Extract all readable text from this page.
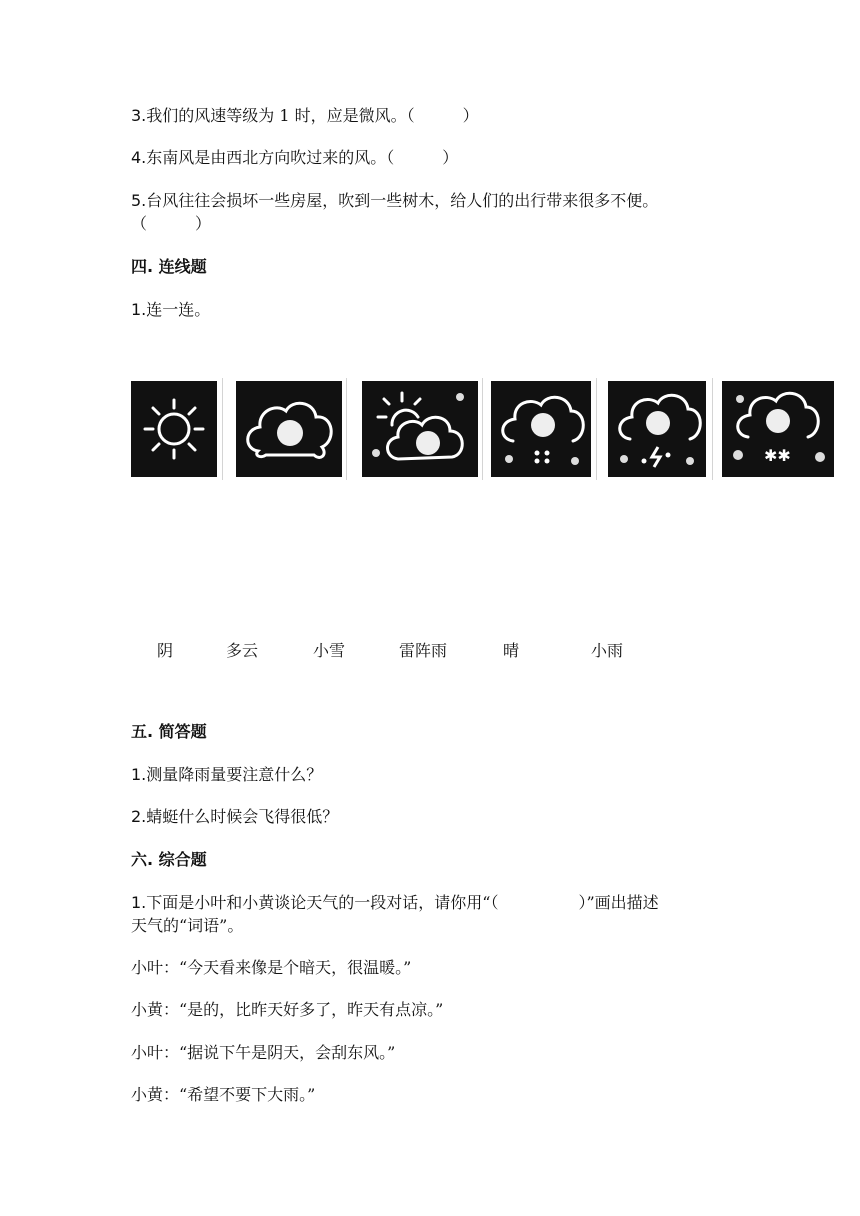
3.我们的风速等级为 1 时，应是微风。（　　　）
4.东南风是由西北方向吹过来的风。（　　　）
5.台风往往会损坏一些房屋，吹到一些树木，给人们的出行带来很多不便。
（　　　）
四. 连线题
1.连一连。
✱✱
阴	多云	小雪	雷阵雨	晴	小雨
五. 简答题
1.测量降雨量要注意什么？
2.蜻蜓什么时候会飞得很低？
六. 综合题
1.下面是小叶和小黄谈论天气的一段对话，请你用“（　　　　　）”画出描述
天气的“词语”。
小叶：“今天看来像是个暗天，很温暖。”
小黄：“是的，比昨天好多了，昨天有点凉。”
小叶：“据说下午是阴天，会刮东风。”
小黄：“希望不要下大雨。”
